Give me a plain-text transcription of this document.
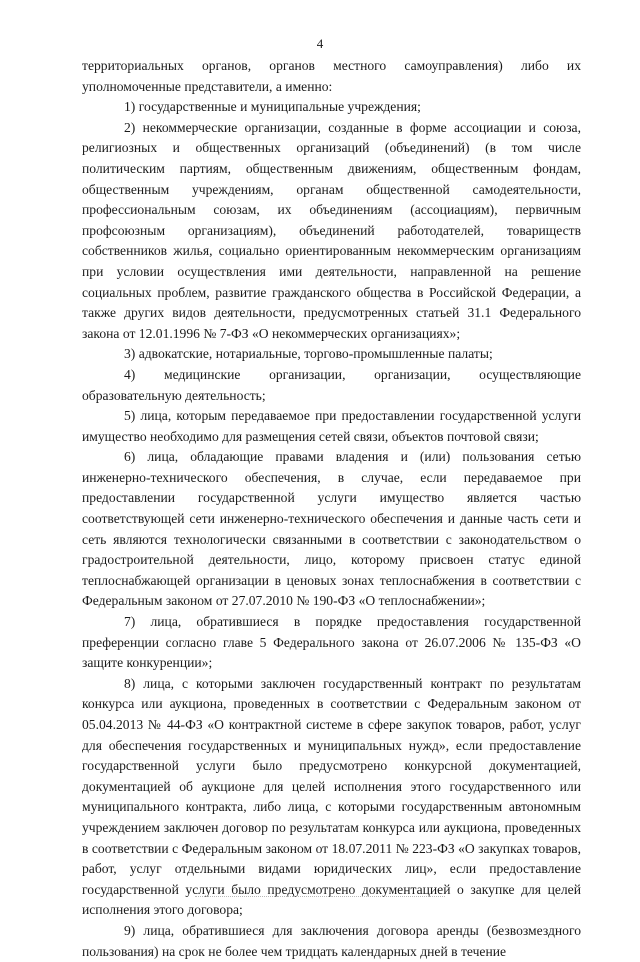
4

территориальных органов, органов местного самоуправления) либо их уполномоченные представители, а именно:

1) государственные и муниципальные учреждения;

2) некоммерческие организации, созданные в форме ассоциации и союза, религиозных и общественных организаций (объединений) (в том числе политическим партиям, общественным движениям, общественным фондам, общественным учреждениям, органам общественной самодеятельности, профессиональным союзам, их объединениям (ассоциациям), первичным профсоюзным организациям), объединений работодателей, товариществ собственников жилья, социально ориентированным некоммерческим организациям при условии осуществления ими деятельности, направленной на решение социальных проблем, развитие гражданского общества в Российской Федерации, а также других видов деятельности, предусмотренных статьей 31.1 Федерального закона от 12.01.1996 № 7-ФЗ «О некоммерческих организациях»;

3) адвокатские, нотариальные, торгово-промышленные палаты;

4) медицинские организации, организации, осуществляющие образовательную деятельность;

5) лица, которым передаваемое при предоставлении государственной услуги имущество необходимо для размещения сетей связи, объектов почтовой связи;

6) лица, обладающие правами владения и (или) пользования сетью инженерно-технического обеспечения, в случае, если передаваемое при предоставлении государственной услуги имущество является частью соответствующей сети инженерно-технического обеспечения и данные часть сети и сеть являются технологически связанными в соответствии с законодательством о градостроительной деятельности, лицо, которому присвоен статус единой теплоснабжающей организации в ценовых зонах теплоснабжения в соответствии с Федеральным законом от 27.07.2010 № 190-ФЗ «О теплоснабжении»;

7) лица, обратившиеся в порядке предоставления государственной преференции согласно главе 5 Федерального закона от 26.07.2006 № 135-ФЗ «О защите конкуренции»;

8) лица, с которыми заключен государственный контракт по результатам конкурса или аукциона, проведенных в соответствии с Федеральным законом от 05.04.2013 № 44-ФЗ «О контрактной системе в сфере закупок товаров, работ, услуг для обеспечения государственных и муниципальных нужд», если предоставление государственной услуги было предусмотрено конкурсной документацией, документацией об аукционе для целей исполнения этого государственного или муниципального контракта, либо лица, с которыми государственным автономным учреждением заключен договор по результатам конкурса или аукциона, проведенных в соответствии с Федеральным законом от 18.07.2011 № 223-ФЗ «О закупках товаров, работ, услуг отдельными видами юридических лиц», если предоставление государственной услуги было предусмотрено документацией о закупке для целей исполнения этого договора;

9) лица, обратившиеся для заключения договора аренды (безвозмездного пользования) на срок не более чем тридцать календарных дней в течение
